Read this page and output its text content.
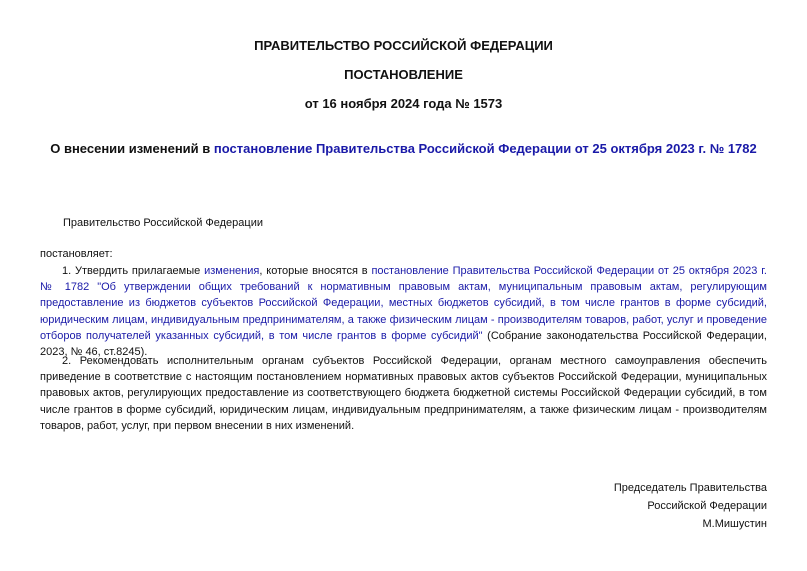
ПРАВИТЕЛЬСТВО РОССИЙСКОЙ ФЕДЕРАЦИИ
ПОСТАНОВЛЕНИЕ
от 16 ноября 2024 года № 1573
О внесении изменений в постановление Правительства Российской Федерации от 25 октября 2023 г. № 1782
Правительство Российской Федерации
постановляет:
1. Утвердить прилагаемые изменения, которые вносятся в постановление Правительства Российской Федерации от 25 октября 2023 г. № 1782 "Об утверждении общих требований к нормативным правовым актам, муниципальным правовым актам, регулирующим предоставление из бюджетов субъектов Российской Федерации, местных бюджетов субсидий, в том числе грантов в форме субсидий, юридическим лицам, индивидуальным предпринимателям, а также физическим лицам - производителям товаров, работ, услуг и проведение отборов получателей указанных субсидий, в том числе грантов в форме субсидий" (Собрание законодательства Российской Федерации, 2023, № 46, ст.8245).
2. Рекомендовать исполнительным органам субъектов Российской Федерации, органам местного самоуправления обеспечить приведение в соответствие с настоящим постановлением нормативных правовых актов субъектов Российской Федерации, муниципальных правовых актов, регулирующих предоставление из соответствующего бюджета бюджетной системы Российской Федерации субсидий, в том числе грантов в форме субсидий, юридическим лицам, индивидуальным предпринимателям, а также физическим лицам - производителям товаров, работ, услуг, при первом внесении в них изменений.
Председатель Правительства
Российской Федерации
М.Мишустин
